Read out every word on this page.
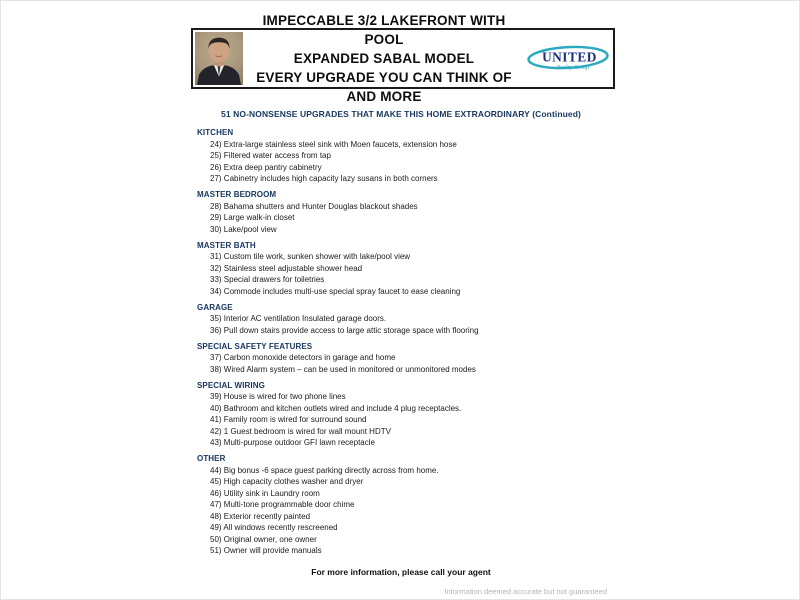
IMPECCABLE 3/2 LAKEFRONT WITH POOL
EXPANDED SABAL MODEL
EVERY UPGRADE YOU CAN THINK OF AND MORE
UNITED
Realty Group
51 NO-NONSENSE UPGRADES THAT MAKE THIS HOME EXTRAORDINARY (Continued)
KITCHEN
24) Extra-large stainless steel sink with Moen faucets, extension hose
25) Filtered water access from tap
26) Extra deep pantry cabinetry
27) Cabinetry includes high capacity lazy susans in both corners
MASTER BEDROOM
28) Bahama shutters and Hunter Douglas blackout shades
29) Large walk-in closet
30) Lake/pool view
MASTER BATH
31) Custom tile work, sunken shower with lake/pool view
32) Stainless steel adjustable shower head
33) Special drawers for toiletries
34) Commode includes multi-use special spray faucet to ease cleaning
GARAGE
35) Interior AC ventilation Insulated garage doors.
36) Pull down stairs provide access to large attic storage space with flooring
SPECIAL SAFETY FEATURES
37) Carbon monoxide detectors in garage and home
38) Wired Alarm system – can be used in monitored or unmonitored modes
SPECIAL WIRING
39) House is wired for two phone lines
40) Bathroom and kitchen outlets wired and include 4 plug receptacles.
41) Family room is wired for surround sound
42) 1 Guest bedroom is wired for wall mount HDTV
43) Multi-purpose outdoor GFI lawn receptacle
OTHER
44) Big bonus -6 space guest parking directly across from home.
45) High capacity clothes washer and dryer
46) Utility sink in Laundry room
47) Multi-tone programmable door chime
48) Exterior recently painted
49) All windows recently rescreened
50) Original owner, one owner
51) Owner will provide manuals
For more information, please call your agent
Information deemed accurate but not guaranteed
